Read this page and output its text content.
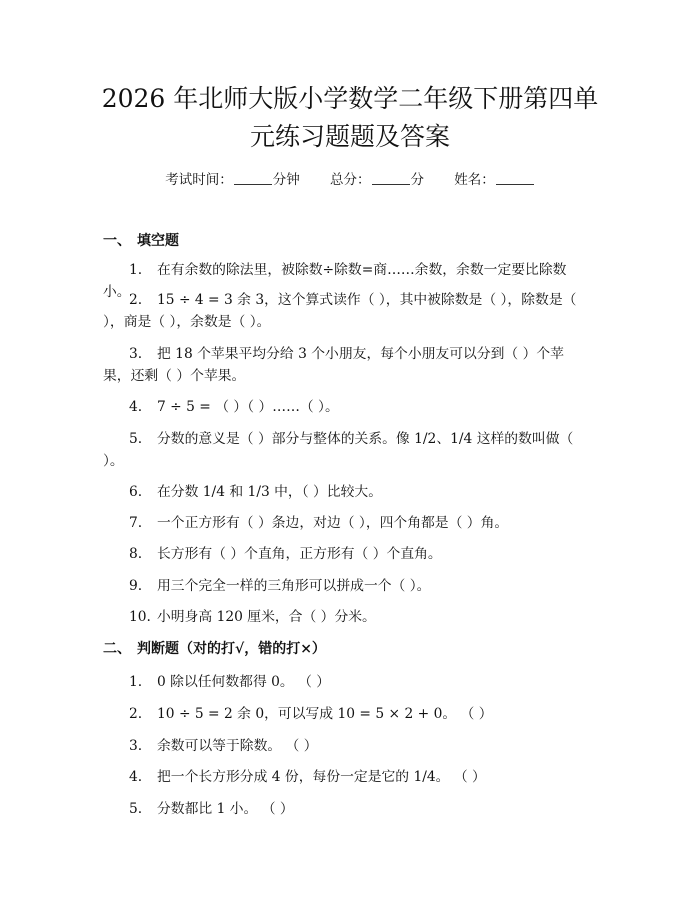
2026 年北师大版小学数学二年级下册第四单
元练习题题及答案
考试时间：	分钟 总分：	分 姓名：
一、 填空题
1. 在有余数的除法里，被除数÷除数=商……余数，余数一定要比除数小。
2. 15 ÷ 4 = 3 余 3，这个算式读作（ ），其中被除数是（ ），除数是（ ），商是（ ），余数是（ ）。
3. 把 18 个苹果平均分给 3 个小朋友，每个小朋友可以分到（ ）个苹果，还剩（ ）个苹果。
4. 7 ÷ 5 = （ ）（ ）……（ ）。
5. 分数的意义是（ ）部分与整体的关系。像 1/2、1/4 这样的数叫做（ ）。
6. 在分数 1/4 和 1/3 中，（ ）比较大。
7. 一个正方形有（ ）条边，对边（ ），四个角都是（ ）角。
8. 长方形有（ ）个直角，正方形有（ ）个直角。
9. 用三个完全一样的三角形可以拼成一个（ ）。
10. 小明身高 120 厘米，合（ ）分米。
二、 判断题（对的打√，错的打×）
1. 0 除以任何数都得 0。 （ ）
2. 10 ÷ 5 = 2 余 0，可以写成 10 = 5 × 2 + 0。 （ ）
3. 余数可以等于除数。 （ ）
4. 把一个长方形分成 4 份，每份一定是它的 1/4。 （ ）
5. 分数都比 1 小。 （ ）
